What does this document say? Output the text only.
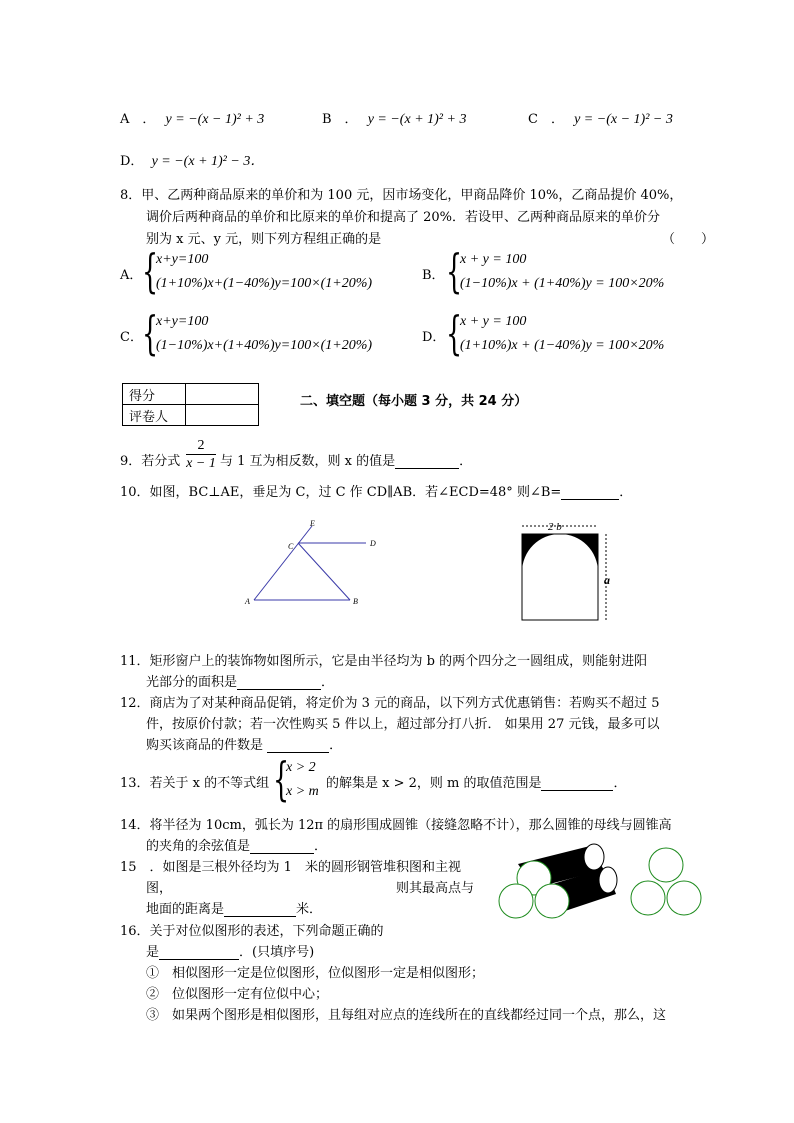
A　． y = −(x − 1)² + 3	B　． y = −(x + 1)² + 3	C　． y = −(x − 1)² − 3
D． y = −(x + 1)² − 3．
8．甲、乙两种商品原来的单价和为 100 元，因市场变化，甲商品降价 10%，乙商品提价 40%，
调价后两种商品的单价和比原来的单价和提高了 20%．若设甲、乙两种商品原来的单价分
别为 x 元、y 元，则下列方程组正确的是	（　　）
A． {
x+y=100
(1+10%)x+(1−40%)y=100×(1+20%)
B． {
x + y = 100
(1−10%)x + (1+40%)y = 100×20%
C． {
x+y=100
(1−10%)x+(1+40%)y=100×(1+20%)
D． {
x + y = 100
(1+10%)x + (1−40%)y = 100×20%
得分	
评卷人	
二、填空题（每小题 3 分，共 24 分）
9．若分式 $\frac{2}{x - 1}$ 与 1 互为相反数，则 x 的值是	．
10．如图，BC⊥AE，垂足为 C，过 C 作 CD∥AB．若∠ECD=48° 则∠B=	．
E
C	D
A	B
2 b
a
11．矩形窗户上的装饰物如图所示，它是由半径均为 b 的两个四分之一圆组成，则能射进阳
光部分的面积是	．
12．商店为了对某种商品促销，将定价为 3 元的商品，以下列方式优惠销售：若购买不超过 5
件，按原价付款；若一次性购买 5 件以上，超过部分打八折． 如果用 27 元钱，最多可以
购买该商品的件数是	．
13．若关于 x 的不等式组 {
x > 2
x > m
的解集是 x > 2，则 m 的取值范围是	．
14．将半径为 10cm，弧长为 12π 的扇形围成圆锥（接缝忽略不计），那么圆锥的母线与圆锥高
的夹角的余弦值是	．
15　．如图是三根外径均为 1　米的圆形钢管堆积图和主视
图，	则其最高点与
地面的距离是	米．
16．关于对位似图形的表述，下列命题正确的
是	．(只填序号)
①　相似图形一定是位似图形，位似图形一定是相似图形；
②　位似图形一定有位似中心；
③　如果两个图形是相似图形，且每组对应点的连线所在的直线都经过同一个点，那么，这
